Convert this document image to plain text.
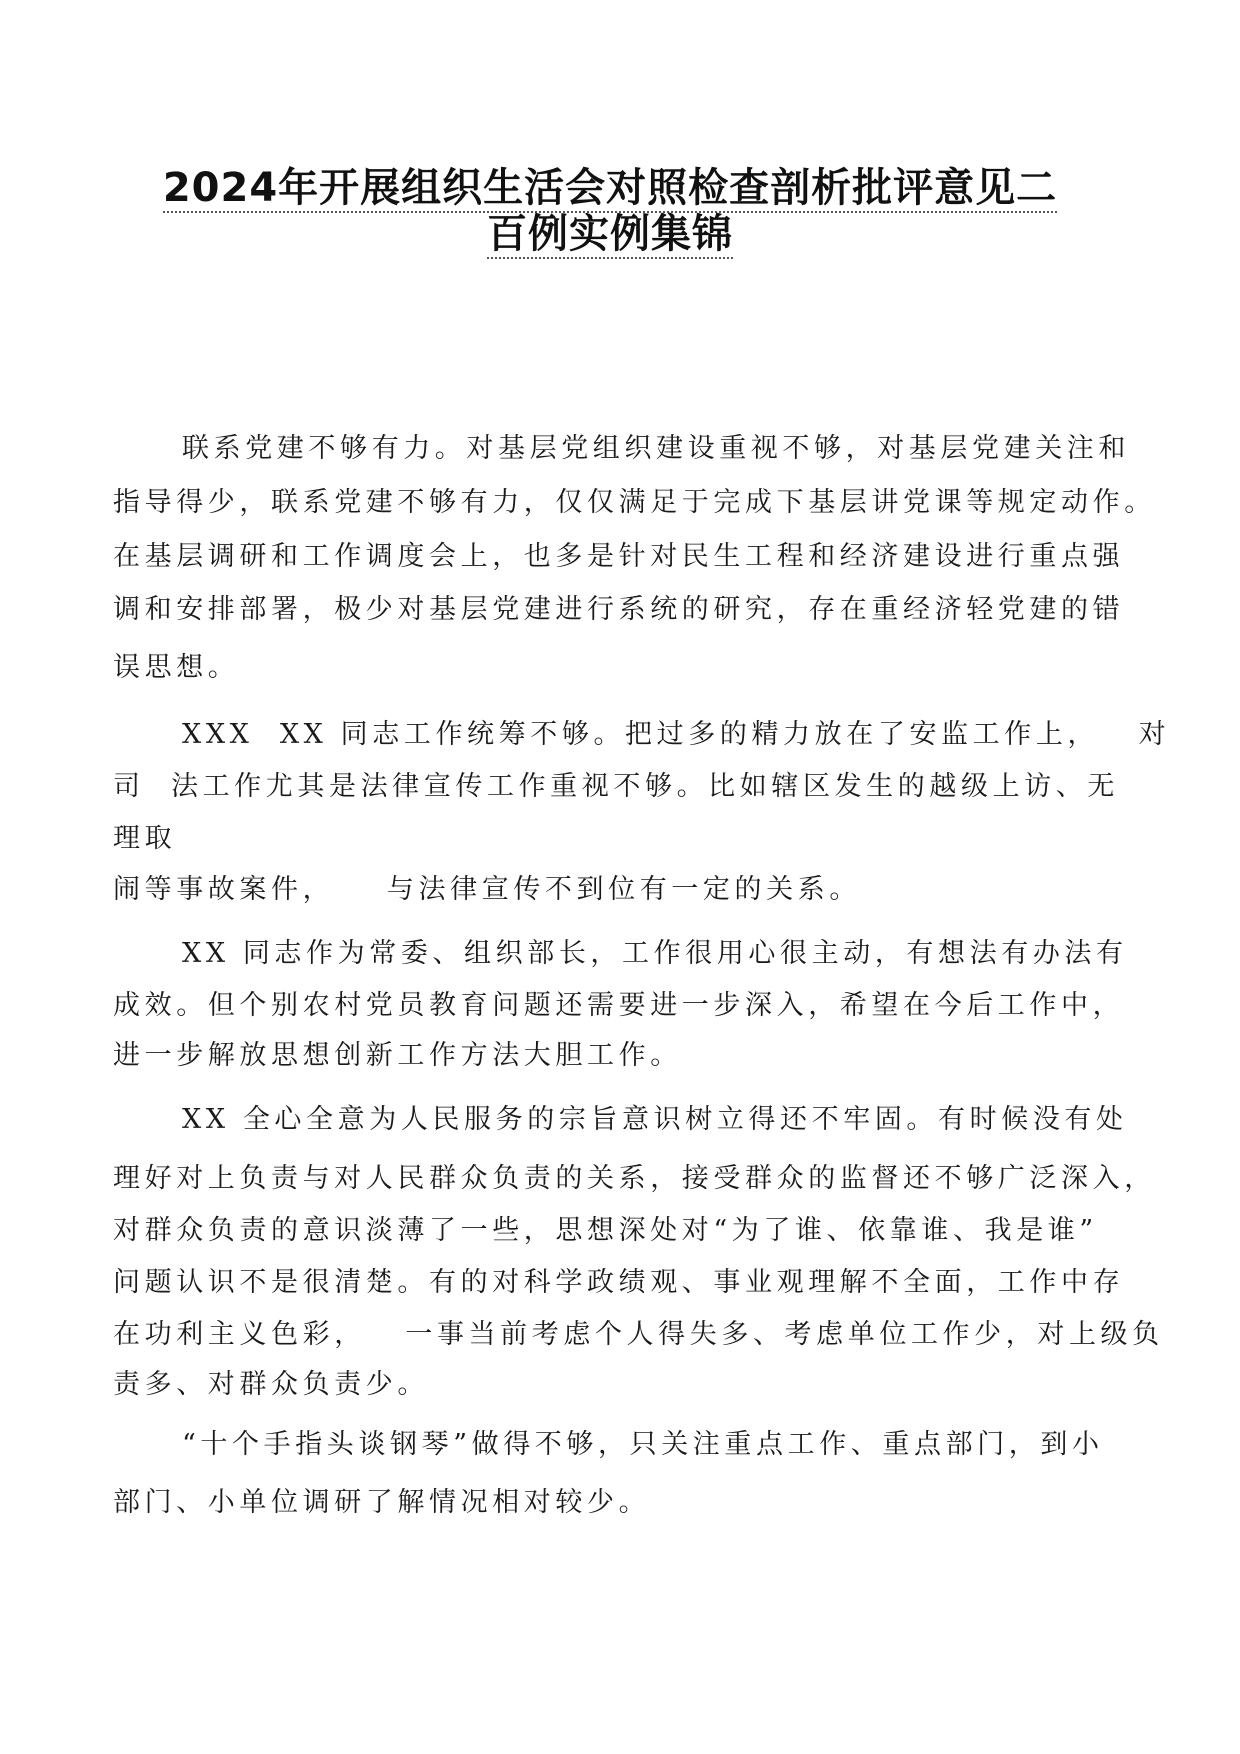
2024年开展组织生活会对照检查剖析批评意见二
百例实例集锦
联系党建不够有力。对基层党组织建设重视不够，对基层党建关注和
指导得少，联系党建不够有力，仅仅满足于完成下基层讲党课等规定动作。
在基层调研和工作调度会上，也多是针对民生工程和经济建设进行重点强
调和安排部署，极少对基层党建进行系统的研究，存在重经济轻党建的错
误思想。
XXX  XX 同志工作统筹不够。把过多的精力放在了安监工作上，   对
司  法工作尤其是法律宣传工作重视不够。比如辖区发生的越级上访、无
理取
闹等事故案件，    与法律宣传不到位有一定的关系。
XX 同志作为常委、组织部长，工作很用心很主动，有想法有办法有
成效。但个别农村党员教育问题还需要进一步深入，希望在今后工作中，
进一步解放思想创新工作方法大胆工作。
XX 全心全意为人民服务的宗旨意识树立得还不牢固。有时候没有处
理好对上负责与对人民群众负责的关系，接受群众的监督还不够广泛深入，
对群众负责的意识淡薄了一些，思想深处对“为了谁、依靠谁、我是谁”
问题认识不是很清楚。有的对科学政绩观、事业观理解不全面，工作中存
在功利主义色彩，   一事当前考虑个人得失多、考虑单位工作少，对上级负
责多、对群众负责少。
“十个手指头谈钢琴”做得不够，只关注重点工作、重点部门，到小
部门、小单位调研了解情况相对较少。
